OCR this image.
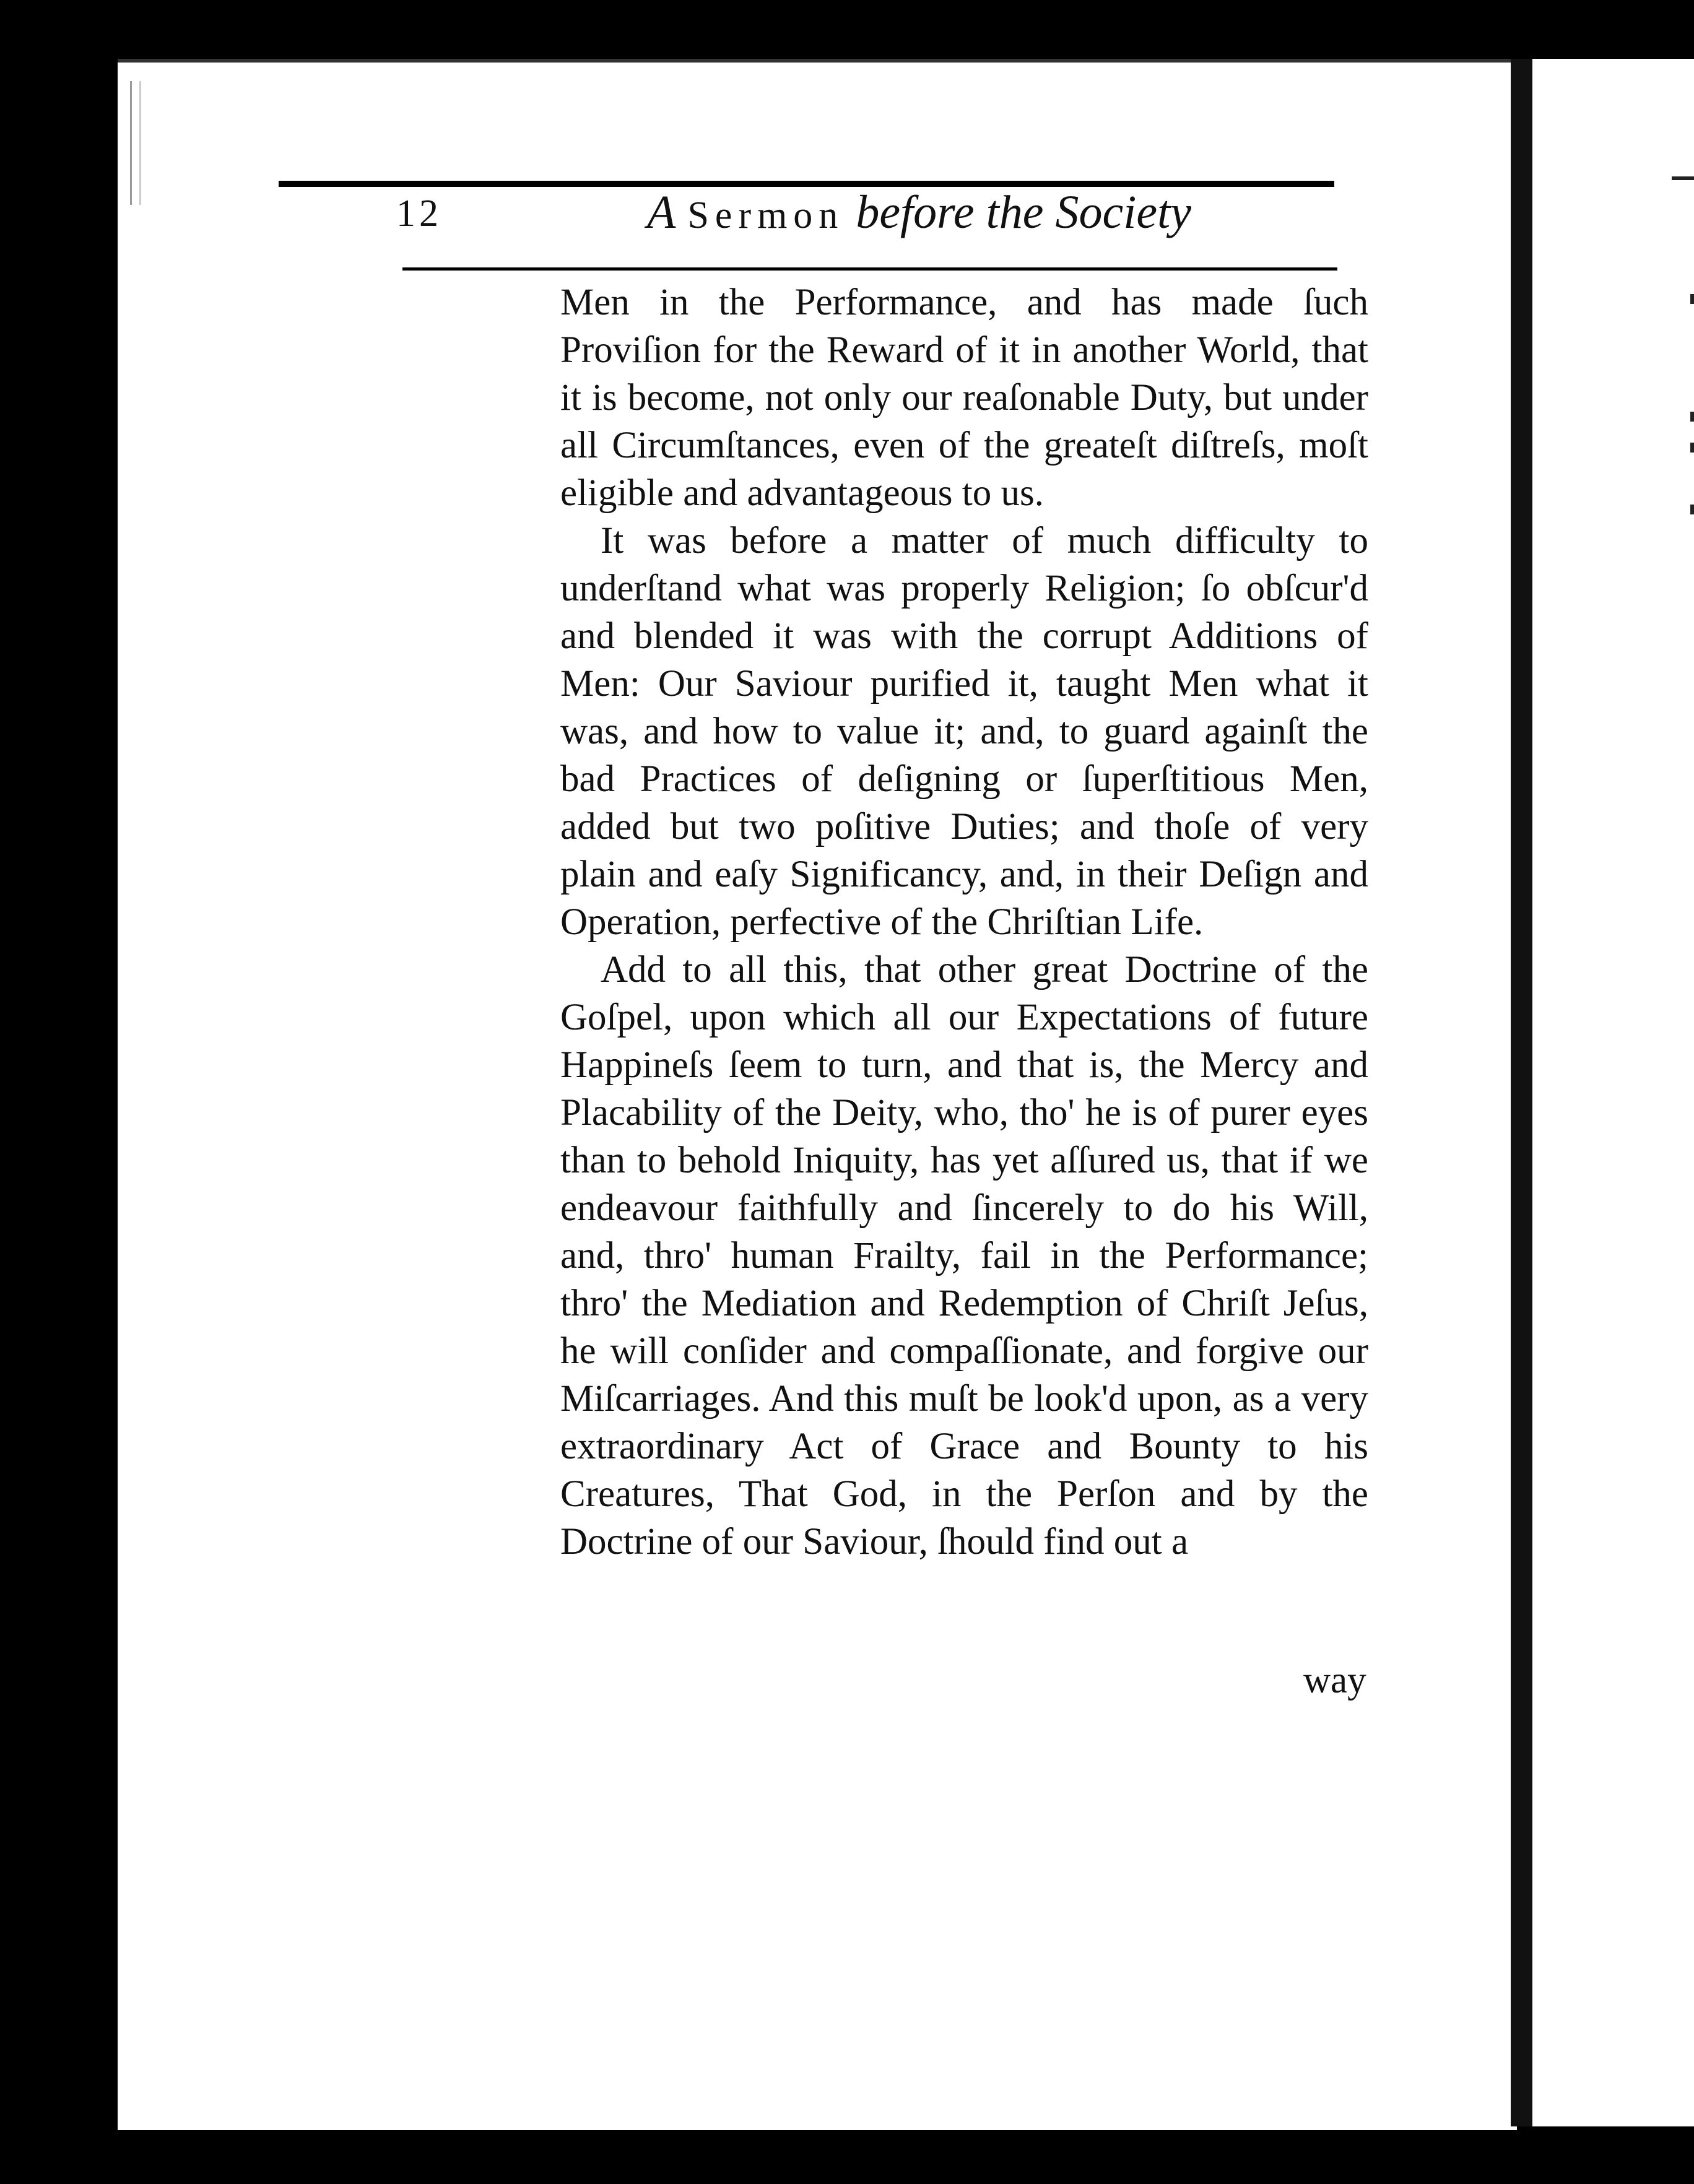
12	A Sermon before the Society

Men in the Performance, and has made ſuch Proviſion for the Reward of it in another World, that it is become, not only our reaſonable Duty, but under all Circumſtances, even of the greateſt diſtreſs, moſt eligible and advantageous to us.

It was before a matter of much difficulty to underſtand what was properly Religion; ſo obſcur'd and blended it was with the corrupt Additions of Men: Our Saviour purified it, taught Men what it was, and how to value it; and, to guard againſt the bad Practices of deſigning or ſuperſtitious Men, added but two poſitive Duties; and thoſe of very plain and eaſy Significancy, and, in their Deſign and Operation, perfective of the Chriſtian Life.

Add to all this, that other great Doctrine of the Goſpel, upon which all our Expectations of future Happineſs ſeem to turn, and that is, the Mercy and Placability of the Deity, who, tho' he is of purer eyes than to behold Iniquity, has yet aſſured us, that if we endeavour faithfully and ſincerely to do his Will, and, thro' human Frailty, fail in the Performance; thro' the Mediation and Redemption of Chriſt Jeſus, he will conſider and compaſſionate, and forgive our Miſcarriages. And this muſt be look'd upon, as a very extraordinary Act of Grace and Bounty to his Creatures, That God, in the Perſon and by the Doctrine of our Saviour, ſhould find out a

way
